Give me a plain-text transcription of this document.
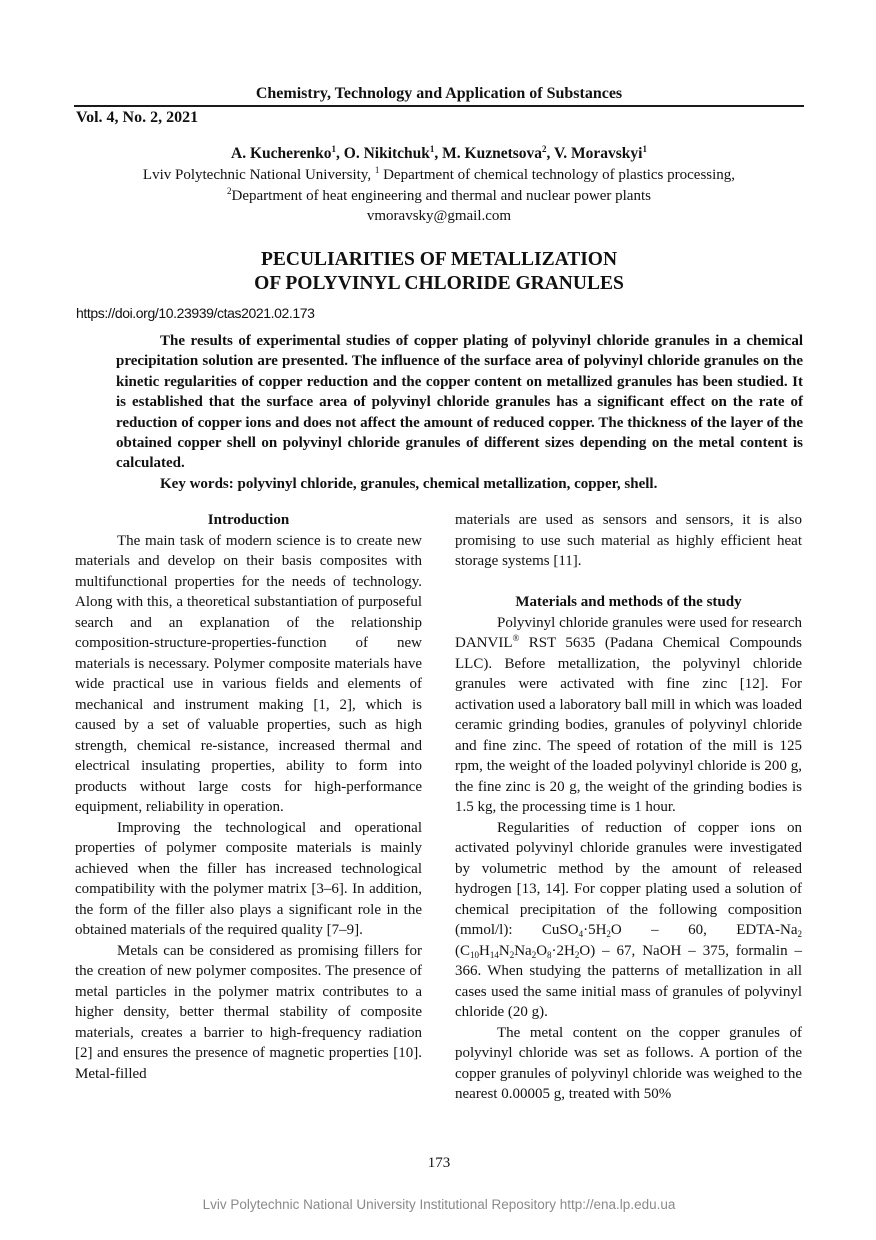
Chemistry, Technology and Application of Substances
Vol. 4, No. 2, 2021
A. Kucherenko$^1$, O. Nikitchuk$^1$, M. Kuznetsova$^2$, V. Moravskyi$^1$
Lviv Polytechnic National University, $^1$ Department of chemical technology of plastics processing,
$^2$Department of heat engineering and thermal and nuclear power plants
vmoravsky@gmail.com
PECULIARITIES OF METALLIZATION
OF POLYVINYL CHLORIDE GRANULES
https://doi.org/10.23939/ctas2021.02.173

The results of experimental studies of copper plating of polyvinyl chloride granules in a chemical precipitation solution are presented. The influence of the surface area of polyvinyl chloride granules on the kinetic regularities of copper reduction and the copper content on metallized granules has been studied. It is established that the surface area of polyvinyl chloride granules has a significant effect on the rate of reduction of copper ions and does not affect the amount of reduced copper. The thickness of the layer of the obtained copper shell on polyvinyl chloride granules of different sizes depending on the metal content is calculated.

Key words: polyvinyl chloride, granules, chemical metallization, copper, shell.

Introduction

The main task of modern science is to create new materials and develop on their basis composites with multifunctional properties for the needs of technology. Along with this, a theoretical substantiation of purposeful search and an explanation of the relationship composition-structure-properties-function of new materials is necessary. Polymer composite materials have wide practical use in various fields and elements of mechanical and instrument making [1, 2], which is caused by a set of valuable properties, such as high strength, chemical re-sistance, increased thermal and electrical insulating properties, ability to form into products without large costs for high-performance equipment, reliability in operation.

Improving the technological and operational properties of polymer composite materials is mainly achieved when the filler has increased technological compatibility with the polymer matrix [3–6]. In addition, the form of the filler also plays a significant role in the obtained materials of the required quality [7–9].

Metals can be considered as promising fillers for the creation of new polymer composites. The presence of metal particles in the polymer matrix contributes to a higher density, better thermal stability of composite materials, creates a barrier to high-frequency radiation [2] and ensures the presence of magnetic properties [10]. Metal-filled

materials are used as sensors and sensors, it is also promising to use such material as highly efficient heat storage systems [11].

Materials and methods of the study

Polyvinyl chloride granules were used for research DANVIL® RST 5635 (Padana Chemical Compounds LLC). Before metallization, the polyvinyl chloride granules were activated with fine zinc [12]. For activation used a laboratory ball mill in which was loaded ceramic grinding bodies, granules of polyvinyl chloride and fine zinc. The speed of rotation of the mill is 125 rpm, the weight of the loaded polyvinyl chloride is 200 g, the fine zinc is 20 g, the weight of the grinding bodies is 1.5 kg, the processing time is 1 hour.

Regularities of reduction of copper ions on activated polyvinyl chloride granules were investigated by volumetric method by the amount of released hydrogen [13, 14]. For copper plating used a solution of chemical precipitation of the following composition (mmol/l): $CuSO_4\cdot 5H_2O - 60$, EDTA-$Na_2$ $(C_{10}H_{14}N_2Na_2O_8\cdot 2H_2O) - 67$, NaOH – 375, formalin – 366. When studying the patterns of metallization in all cases used the same initial mass of granules of polyvinyl chloride (20 g).

The metal content on the copper granules of polyvinyl chloride was set as follows. A portion of the copper granules of polyvinyl chloride was weighed to the nearest 0.00005 g, treated with 50%

173
Lviv Polytechnic National University Institutional Repository http://ena.lp.edu.ua
